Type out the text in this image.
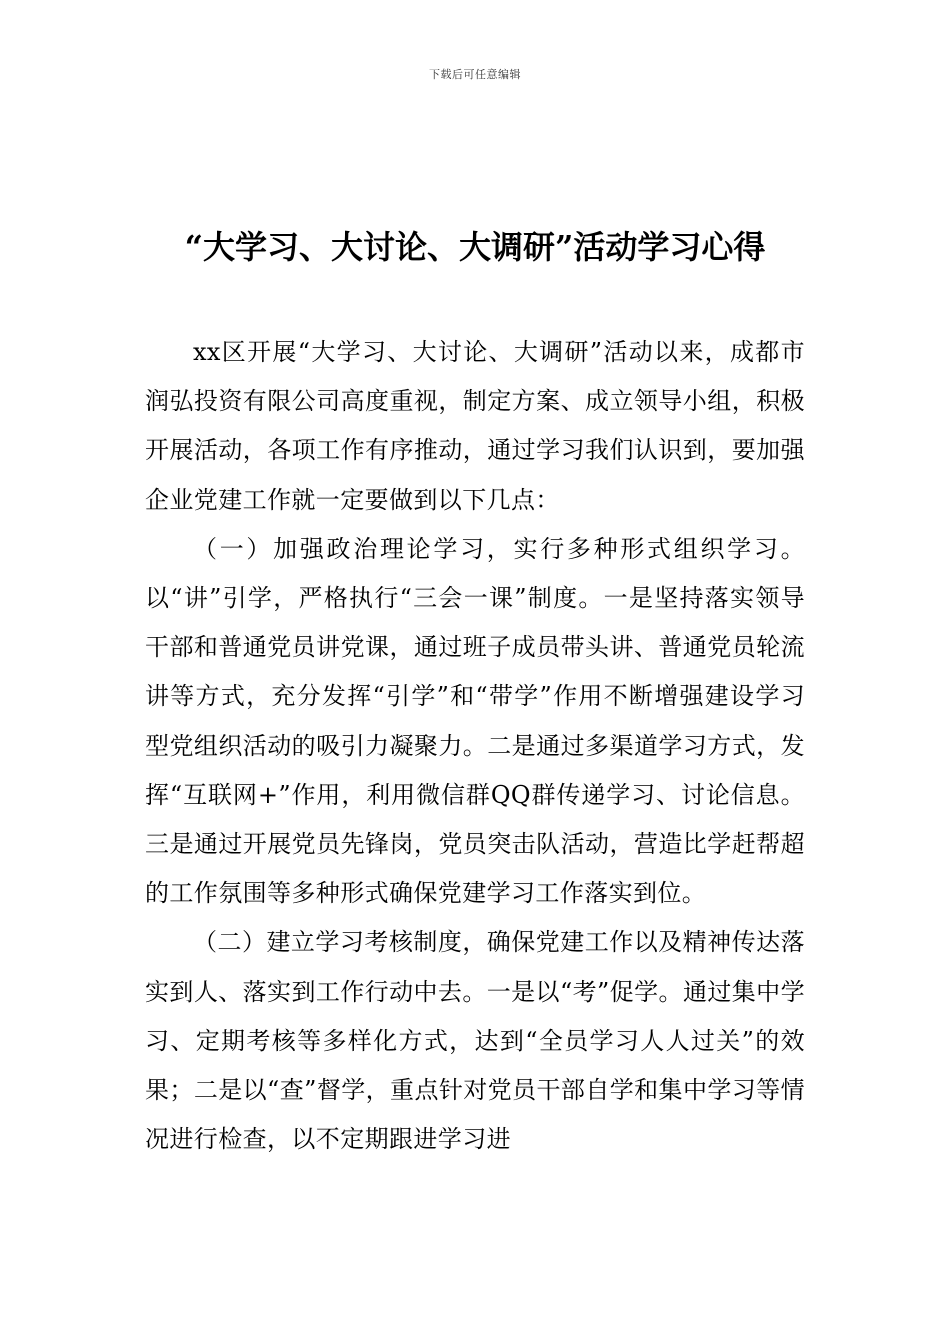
下载后可任意编辑
“大学习、大讨论、大调研”活动学习心得

xx区开展“大学习、大讨论、大调研”活动以来，成都市润弘投资有限公司高度重视，制定方案、成立领导小组，积极开展活动，各项工作有序推动，通过学习我们认识到，要加强企业党建工作就一定要做到以下几点：

（一）加强政治理论学习，实行多种形式组织学习。以“讲”引学，严格执行“三会一课”制度。一是坚持落实领导干部和普通党员讲党课，通过班子成员带头讲、普通党员轮流讲等方式，充分发挥“引学”和“带学”作用不断增强建设学习型党组织活动的吸引力凝聚力。二是通过多渠道学习方式，发挥“互联网+”作用，利用微信群QQ群传递学习、讨论信息。三是通过开展党员先锋岗，党员突击队活动，营造比学赶帮超的工作氛围等多种形式确保党建学习工作落实到位。

（二）建立学习考核制度，确保党建工作以及精神传达落实到人、落实到工作行动中去。一是以“考”促学。通过集中学习、定期考核等多样化方式，达到“全员学习人人过关”的效果；二是以“查”督学，重点针对党员干部自学和集中学习等情况进行检查，以不定期跟进学习进
